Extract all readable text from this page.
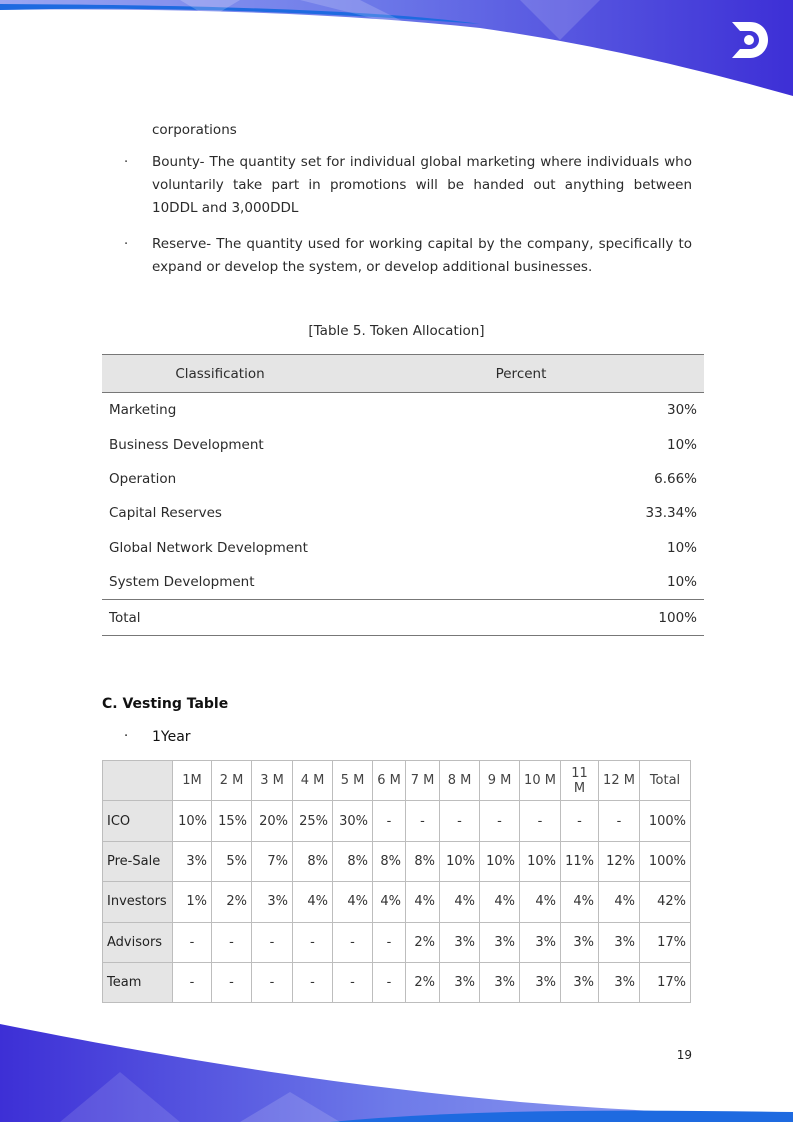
corporations
· Bounty- The quantity set for individual global marketing where individuals who voluntarily take part in promotions will be handed out anything between 10DDL and 3,000DDL
· Reserve- The quantity used for working capital by the company, specifically to expand or develop the system, or develop additional businesses.
[Table 5. Token Allocation]
Classification	Percent
Marketing	30%
Business Development	10%
Operation	6.66%
Capital Reserves	33.34%
Global Network Development	10%
System Development	10%
Total	100%
C. Vesting Table
· 1Year
	1M	2 M	3 M	4 M	5 M	6 M	7 M	8 M	9 M	10 M	11 M	12 M	Total
ICO	10%	15%	20%	25%	30%	-	-	-	-	-	-	-	100%
Pre-Sale	3%	5%	7%	8%	8%	8%	8%	10%	10%	10%	11%	12%	100%
Investors	1%	2%	3%	4%	4%	4%	4%	4%	4%	4%	4%	4%	42%
Advisors	-	-	-	-	-	-	2%	3%	3%	3%	3%	3%	17%
Team	-	-	-	-	-	-	2%	3%	3%	3%	3%	3%	17%
19
